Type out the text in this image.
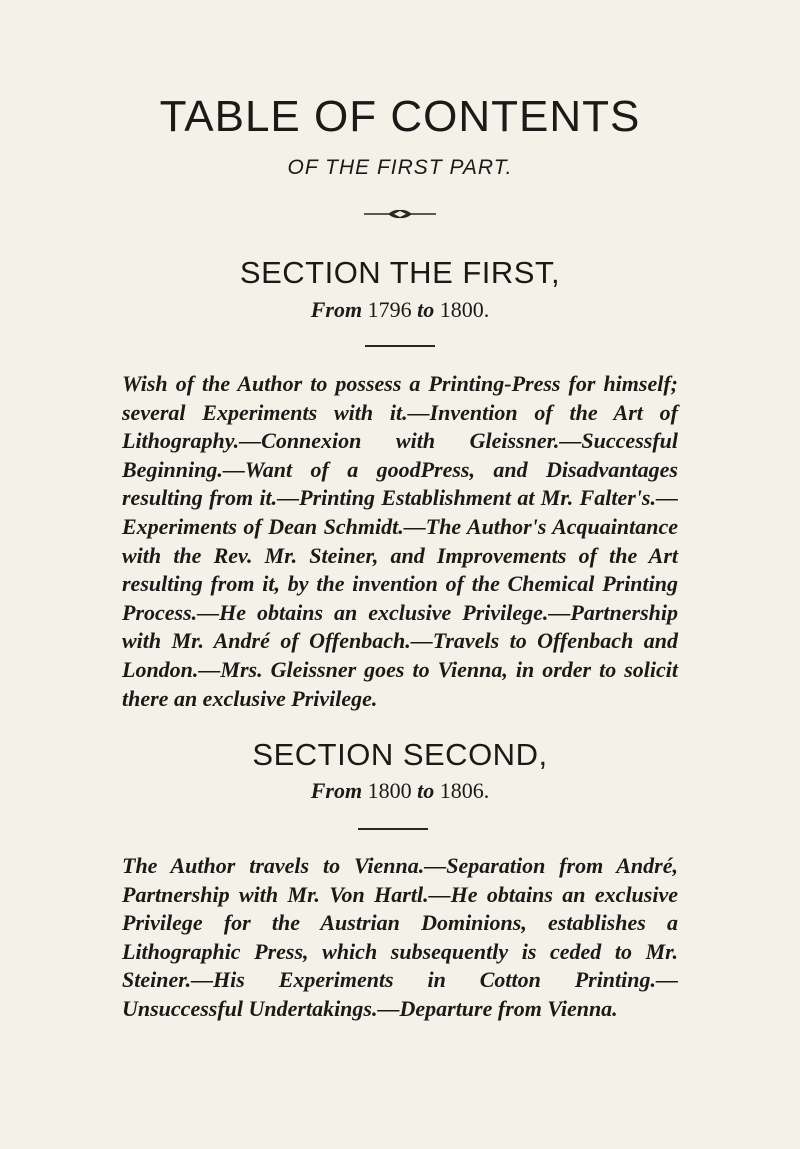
TABLE OF CONTENTS
OF THE FIRST PART.
SECTION THE FIRST,
From 1796 to 1800.

Wish of the Author to possess a Printing-Press for himself; several Experiments with it.—Invention of the Art of Lithography.—Connexion with Gleissner.—Successful Beginning.—Want of a goodPress, and Disadvantages resulting from it.—Printing Establishment at Mr. Falter's.—Experiments of Dean Schmidt.—The Author's Acquaintance with the Rev. Mr. Steiner, and Improvements of the Art resulting from it, by the invention of the Chemical Printing Process.—He obtains an exclusive Privilege.—Partnership with Mr. André of Offenbach.—Travels to Offenbach and London.—Mrs. Gleissner goes to Vienna, in order to solicit there an exclusive Privilege.

SECTION SECOND,
From 1800 to 1806.

The Author travels to Vienna.—Separation from André, Partnership with Mr. Von Hartl.—He obtains an exclusive Privilege for the Austrian Dominions, establishes a Lithographic Press, which subsequently is ceded to Mr. Steiner.—His Experiments in Cotton Printing.—Unsuccessful Undertakings.—Departure from Vienna.
